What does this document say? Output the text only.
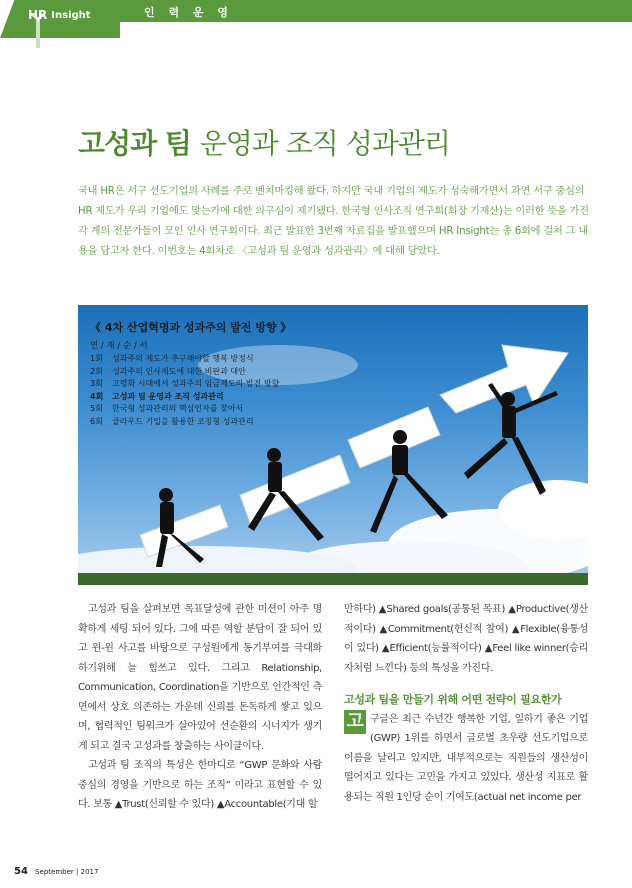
HR Insight	인 력 운 영
고성과 팀 운영과 조직 성과관리

국내 HR은 서구 선도기업의 사례를 주로 벤치마킹해 왔다. 하지만 국내 기업의 제도가 성숙해가면서 과연 서구 중심의 HR 제도가 우리 기업에도 맞는가에 대한 의구심이 제기됐다. 한국형 인사조직 연구회(회장 기재산)는 이러한 뜻을 가진 각 계의 전문가들이 모인 인사 연구회이다. 최근 발표한 3번째 자료집을 발표했으며 HR Insight는 총 6회에 걸쳐 그 내용을 담고자 한다. 이번호는 4회차로 〈고성과 팀 운영과 성과관리〉에 대해 담았다.

《 4차 산업혁명과 성과주의 발전 방향 》
연 / 재 / 순 / 서
1회	성과주의 제도가 추구해야할 행복 방정식
2회	성과주의 인사제도에 대한 비판과 대안
3회	고령화 시대에서 성과주의 임금제도의 발전 방향
4회	고성과 팀 운영과 조직 성과관리
5회	한국형 성과관리의 핵심인자를 찾아서
6회	클라우드 기업을 활용한 코칭형 성과관리

고성과 팀을 살펴보면 목표달성에 관한 미션이 아주 명확하게 세팅 되어 있다. 그에 따른 역할 분담이 잘 되어 있고 윈-윈 사고를 바탕으로 구성원에게 동기부여를 극대화 하기위해 늘 힘쓰고 있다. 그리고 Relationship, Communication, Coordination을 기반으로 인간적인 측면에서 상호 의존하는 가운데 신뢰를 돈독하게 쌓고 있으며, 협력적인 팀워크가 살아있어 선순환의 시너지가 생기게 되고 결국 고성과를 창출하는 사이클이다.

고성과 팀 조직의 특성은 한마디로 “GWP 문화와 사람 중심의 경영을 기반으로 하는 조직” 이라고 표현할 수 있다. 보통 ▲Trust(신뢰할 수 있다) ▲Accountable(기대 할

만하다) ▲Shared goals(공통된 목표) ▲Productive(생산적이다) ▲Commitment(헌신적 참여) ▲Flexible(융통성이 있다) ▲Efficient(능률적이다) ▲Feel like winner(승리자처럼 느낀다) 등의 특성을 가진다.

고성과 팀을 만들기 위해 어떤 전략이 필요한가

고 구글은 최근 수년간 행복한 기업, 일하기 좋은 기업(GWP) 1위를 하면서 글로벌 초우량 선도기업으로 이름을 날리고 있지만, 내부적으로는 직원들의 생산성이 떨어지고 있다는 고민을 가지고 있었다. 생산성 지표로 활용되는 직원 1인당 순이 기여도(actual net income per

54 September | 2017
